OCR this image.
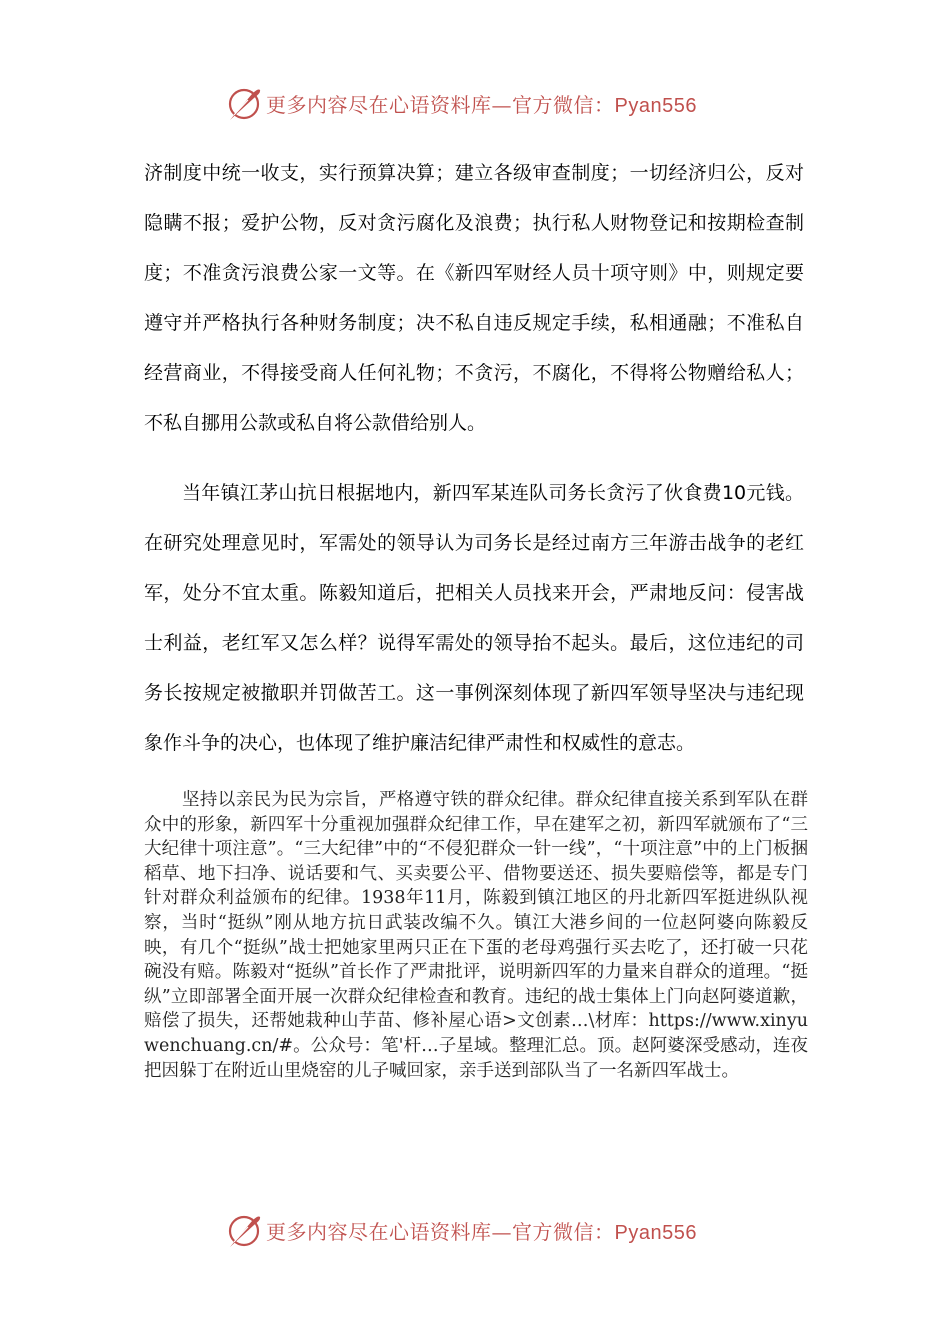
更多内容尽在心语资料库—官方微信：Pyan556

济制度中统一收支，实行预算决算；建立各级审查制度；一切经济归公，反对隐瞒不报；爱护公物，反对贪污腐化及浪费；执行私人财物登记和按期检查制度；不准贪污浪费公家一文等。在《新四军财经人员十项守则》中，则规定要遵守并严格执行各种财务制度；决不私自违反规定手续，私相通融；不准私自经营商业，不得接受商人任何礼物；不贪污，不腐化，不得将公物赠给私人；不私自挪用公款或私自将公款借给别人。

当年镇江茅山抗日根据地内，新四军某连队司务长贪污了伙食费10元钱。在研究处理意见时，军需处的领导认为司务长是经过南方三年游击战争的老红军，处分不宜太重。陈毅知道后，把相关人员找来开会，严肃地反问：侵害战士利益，老红军又怎么样？说得军需处的领导抬不起头。最后，这位违纪的司务长按规定被撤职并罚做苦工。这一事例深刻体现了新四军领导坚决与违纪现象作斗争的决心，也体现了维护廉洁纪律严肃性和权威性的意志。

坚持以亲民为民为宗旨，严格遵守铁的群众纪律。群众纪律直接关系到军队在群众中的形象，新四军十分重视加强群众纪律工作，早在建军之初，新四军就颁布了“三大纪律十项注意”。“三大纪律”中的“不侵犯群众一针一线”，“十项注意”中的上门板捆稻草、地下扫净、说话要和气、买卖要公平、借物要送还、损失要赔偿等，都是专门针对群众利益颁布的纪律。1938年11月，陈毅到镇江地区的丹北新四军挺进纵队视察，当时“挺纵”刚从地方抗日武装改编不久。镇江大港乡间的一位赵阿婆向陈毅反映，有几个“挺纵”战士把她家里两只正在下蛋的老母鸡强行买去吃了，还打破一只花碗没有赔。陈毅对“挺纵”首长作了严肃批评，说明新四军的力量来自群众的道理。“挺纵”立即部署全面开展一次群众纪律检查和教育。违纪的战士集体上门向赵阿婆道歉，赔偿了损失，还帮她栽种山芋苗、修补屋心语>文创素…\材库：https://www.xinyuwenchuang.cn/#。公众号：笔'杆…子星域。整理汇总。顶。赵阿婆深受感动，连夜把因躲丁在附近山里烧窑的儿子喊回家，亲手送到部队当了一名新四军战士。

更多内容尽在心语资料库—官方微信：Pyan556
